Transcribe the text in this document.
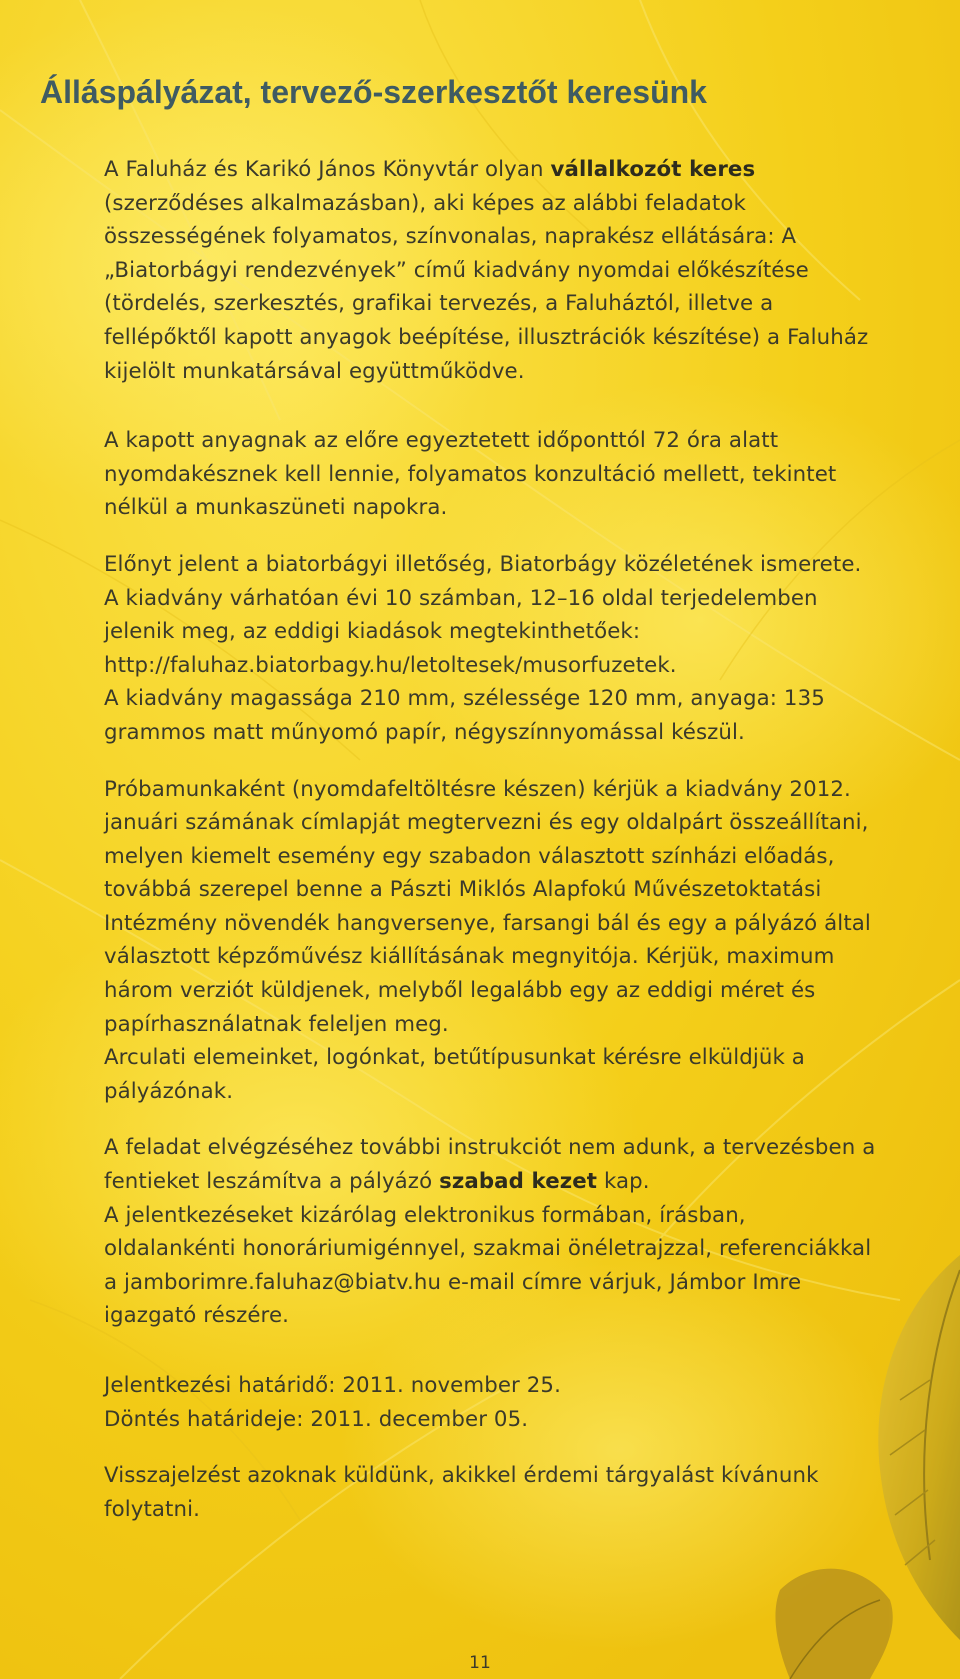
Álláspályázat, tervező-szerkesztőt keresünk

A Faluház és Karikó János Könyvtár olyan vállalkozót keres (szerződéses alkalmazásban), aki képes az alábbi feladatok összességének folyamatos, színvonalas, naprakész ellátására: A „Biatorbágyi rendezvények” című kiadvány nyomdai előkészítése (tördelés, szerkesztés, grafikai tervezés, a Faluháztól, illetve a fellépőktől kapott anyagok beépítése, illusztrációk készítése) a Faluház kijelölt munkatársával együttműködve.

A kapott anyagnak az előre egyeztetett időponttól 72 óra alatt nyomdakésznek kell lennie, folyamatos konzultáció mellett, tekintet nélkül a munkaszüneti napokra.

Előnyt jelent a biatorbágyi illetőség, Biatorbágy közéletének ismerete.

A kiadvány várhatóan évi 10 számban, 12–16 oldal terjedelemben jelenik meg, az eddigi kiadások megtekinthetőek: http://faluhaz.biatorbagy.hu/letoltesek/musorfuzetek.

A kiadvány magassága 210 mm, szélessége 120 mm, anyaga: 135 grammos matt műnyomó papír, négyszínnyomással készül.

Próbamunkaként (nyomdafeltöltésre készen) kérjük a kiadvány 2012. januári számának címlapját megtervezni és egy oldalpárt összeállítani, melyen kiemelt esemény egy szabadon választott színházi előadás, továbbá szerepel benne a Pászti Miklós Alapfokú Művészetoktatási Intézmény növendék hangversenye, farsangi bál és egy a pályázó által választott képzőművész kiállításának megnyitója. Kérjük, maximum három verziót küldjenek, melyből legalább egy az eddigi méret és papírhasználatnak feleljen meg.

Arculati elemeinket, logónkat, betűtípusunkat kérésre elküldjük a pályázónak.

A feladat elvégzéséhez további instrukciót nem adunk, a tervezésben a fentieket leszámítva a pályázó szabad kezet kap.

A jelentkezéseket kizárólag elektronikus formában, írásban, oldalankénti honoráriumigénnyel, szakmai önéletrajzzal, referenciákkal a jamborimre.faluhaz@biatv.hu e-mail címre várjuk, Jámbor Imre igazgató részére.

Jelentkezési határidő: 2011. november 25.

Döntés határideje: 2011. december 05.

Visszajelzést azoknak küldünk, akikkel érdemi tárgyalást kívánunk folytatni.

11
